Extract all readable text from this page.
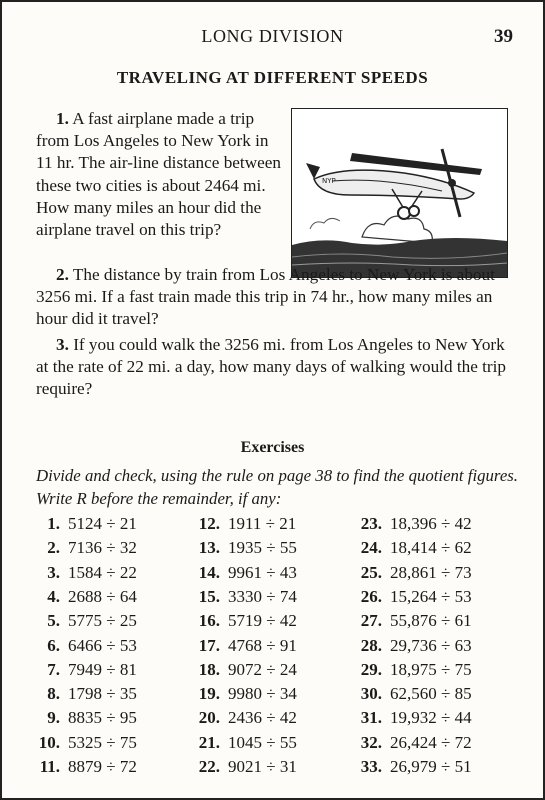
LONG DIVISION	39
TRAVELING AT DIFFERENT SPEEDS
1. A fast airplane made a trip from Los Angeles to New York in 11 hr. The air-line distance between these two cities is about 2464 mi. How many miles an hour did the airplane travel on this trip?
NYP
2. The distance by train from Los Angeles to New York is about 3256 mi. If a fast train made this trip in 74 hr., how many miles an hour did it travel?
3. If you could walk the 3256 mi. from Los Angeles to New York at the rate of 22 mi. a day, how many days of walking would the trip require?
Exercises
Divide and check, using the rule on page 38 to find the quotient figures. Write R before the remainder, if any:
1. 5124 ÷ 21	12. 1911 ÷ 21	23. 18,396 ÷ 42
2. 7136 ÷ 32	13. 1935 ÷ 55	24. 18,414 ÷ 62
3. 1584 ÷ 22	14. 9961 ÷ 43	25. 28,861 ÷ 73
4. 2688 ÷ 64	15. 3330 ÷ 74	26. 15,264 ÷ 53
5. 5775 ÷ 25	16. 5719 ÷ 42	27. 55,876 ÷ 61
6. 6466 ÷ 53	17. 4768 ÷ 91	28. 29,736 ÷ 63
7. 7949 ÷ 81	18. 9072 ÷ 24	29. 18,975 ÷ 75
8. 1798 ÷ 35	19. 9980 ÷ 34	30. 62,560 ÷ 85
9. 8835 ÷ 95	20. 2436 ÷ 42	31. 19,932 ÷ 44
10. 5325 ÷ 75	21. 1045 ÷ 55	32. 26,424 ÷ 72
11. 8879 ÷ 72	22. 9021 ÷ 31	33. 26,979 ÷ 51
